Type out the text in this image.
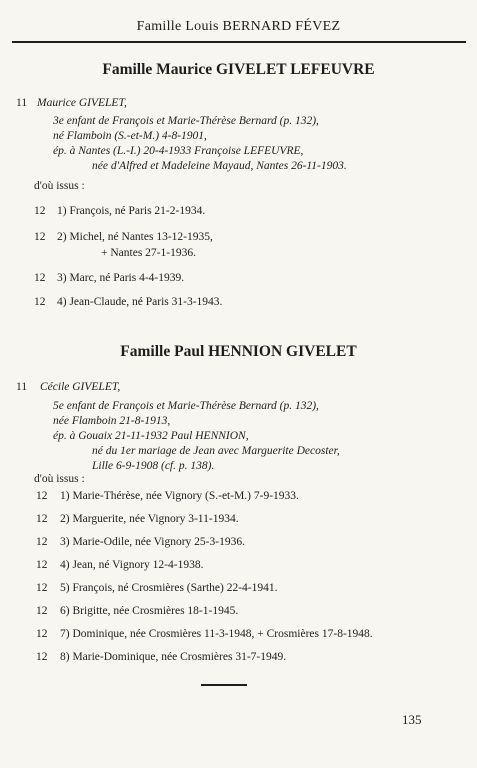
Famille Louis BERNARD FÉVEZ
Famille Maurice GIVELET LEFEUVRE
11 Maurice GIVELET,
3e enfant de François et Marie-Thérèse Bernard (p. 132),
né Flamboin (S.-et-M.) 4-8-1901,
ép. à Nantes (L.-I.) 20-4-1933 Françoise LEFEUVRE,
née d'Alfred et Madeleine Mayaud, Nantes 26-11-1903.
d'où issus :
12 1) François, né Paris 21-2-1934.
12 2) Michel, né Nantes 13-12-1935,
+ Nantes 27-1-1936.
12 3) Marc, né Paris 4-4-1939.
12 4) Jean-Claude, né Paris 31-3-1943.
Famille Paul HENNION GIVELET
11 Cécile GIVELET,
5e enfant de François et Marie-Thérèse Bernard (p. 132),
née Flamboin 21-8-1913,
ép. à Gouaix 21-11-1932 Paul HENNION,
né du 1er mariage de Jean avec Marguerite Decoster,
Lille 6-9-1908 (cf. p. 138).
d'où issus :
12 1) Marie-Thérèse, née Vignory (S.-et-M.) 7-9-1933.
12 2) Marguerite, née Vignory 3-11-1934.
12 3) Marie-Odile, née Vignory 25-3-1936.
12 4) Jean, né Vignory 12-4-1938.
12 5) François, né Crosmières (Sarthe) 22-4-1941.
12 6) Brigitte, née Crosmières 18-1-1945.
12 7) Dominique, née Crosmières 11-3-1948, + Crosmières 17-8-1948.
12 8) Marie-Dominique, née Crosmières 31-7-1949.
135
